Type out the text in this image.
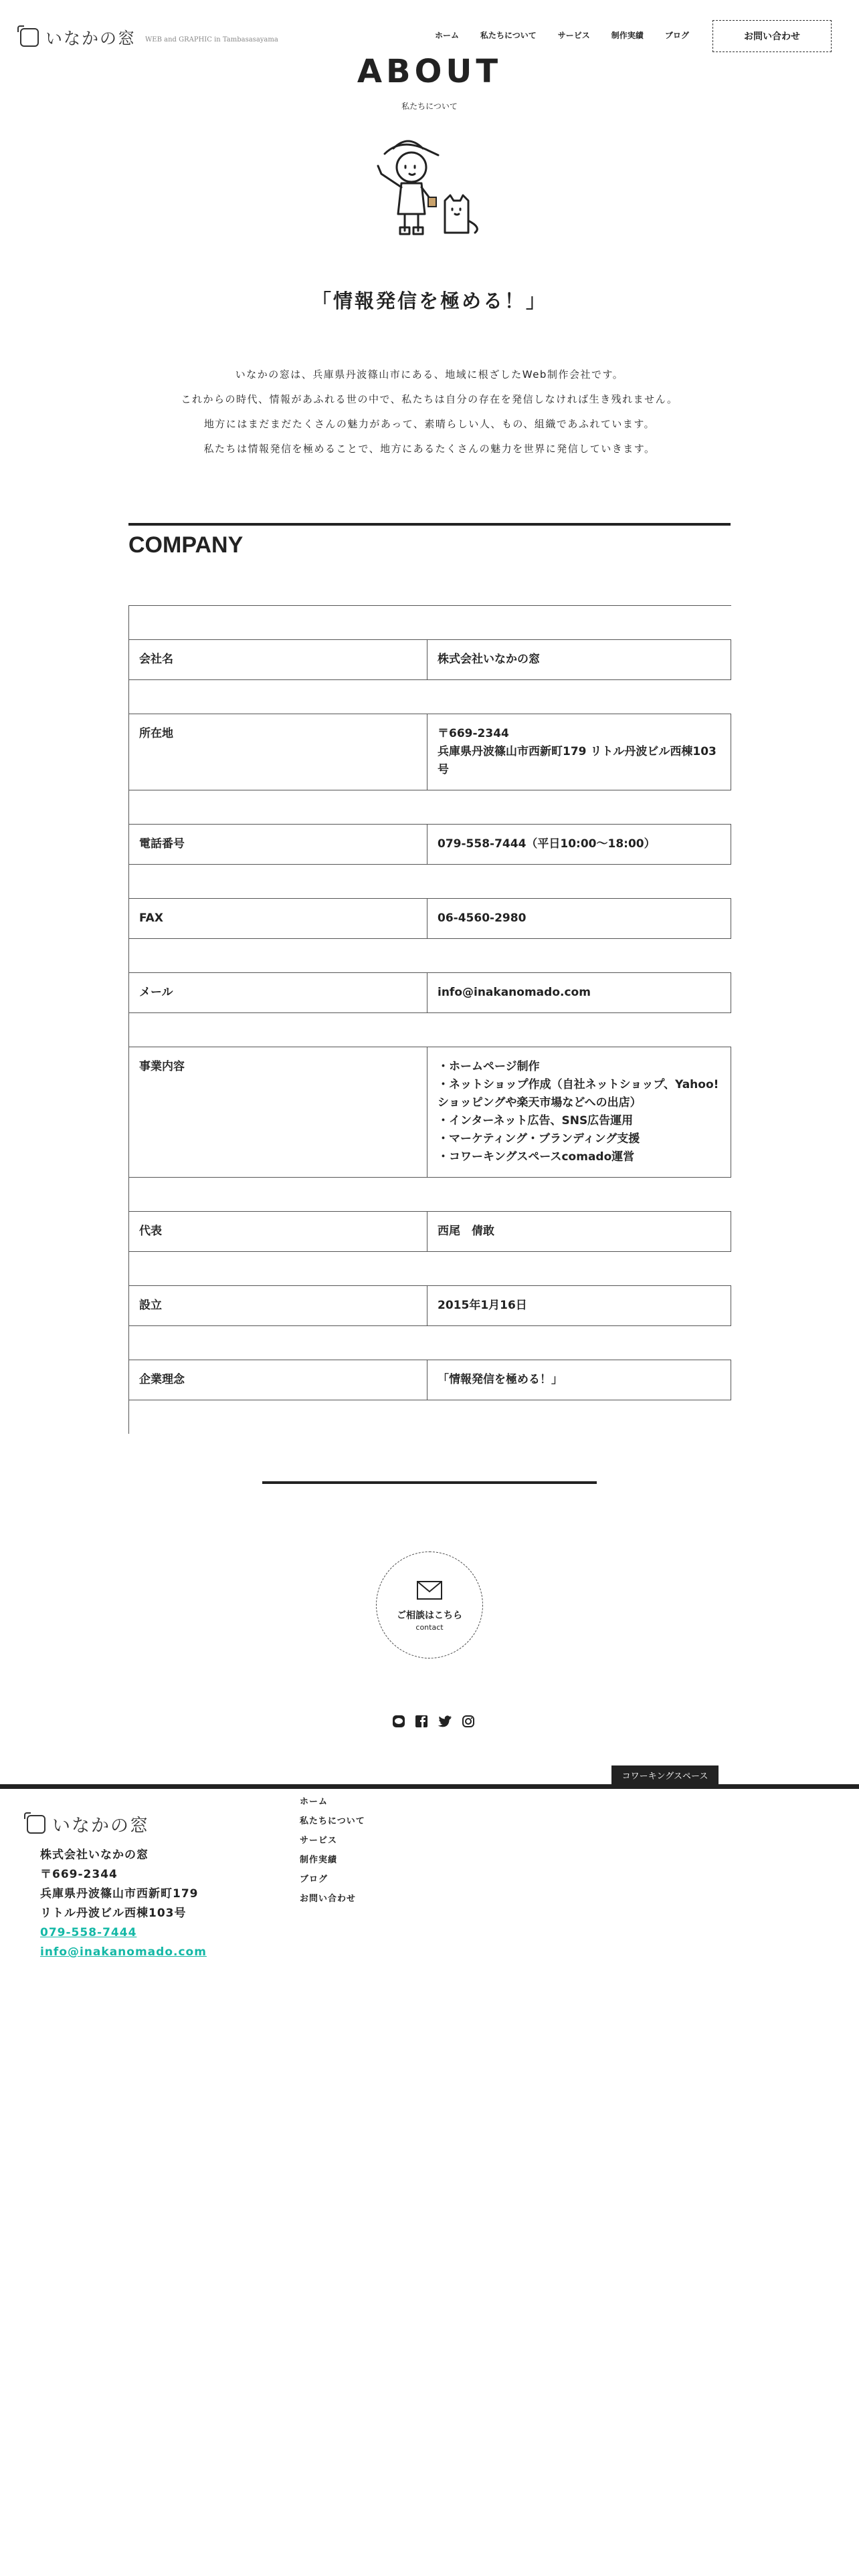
いなかの窓 WEB and GRAPHIC in Tambasasayama	ホーム	私たちについて	サービス	制作実績	ブログ	お問い合わせ
ABOUT
私たちについて
「情報発信を極める！」
いなかの窓は、兵庫県丹波篠山市にある、地域に根ざしたWeb制作会社です。
これからの時代、情報があふれる世の中で、私たちは自分の存在を発信しなければ生き残れません。
地方にはまだまだたくさんの魅力があって、素晴らしい人、もの、組織であふれています。
私たちは情報発信を極めることで、地方にあるたくさんの魅力を世界に発信していきます。
COMPANY
会社名	株式会社いなかの窓
所在地	〒669-2344
兵庫県丹波篠山市西新町179 リトル丹波ビル西棟103号
電話番号	079-558-7444（平日10:00〜18:00）
FAX	06-4560-2980
メール	info@inakanomado.com
事業内容	・ホームページ制作
・ネットショップ作成（自社ネットショップ、Yahoo!ショッピングや楽天市場などへの出店）
・インターネット広告、SNS広告運用
・マーケティング・ブランディング支援
・コワーキングスペースcomado運営
代表	西尾　倩敢
設立	2015年1月16日
企業理念	「情報発信を極める！」
ご相談はこちら
contact
コワーキングスペース
いなかの窓
株式会社いなかの窓
〒669-2344
兵庫県丹波篠山市西新町179
リトル丹波ビル西棟103号
079-558-7444
info@inakanomado.com
ホーム
私たちについて
サービス
制作実績
ブログ
お問い合わせ
